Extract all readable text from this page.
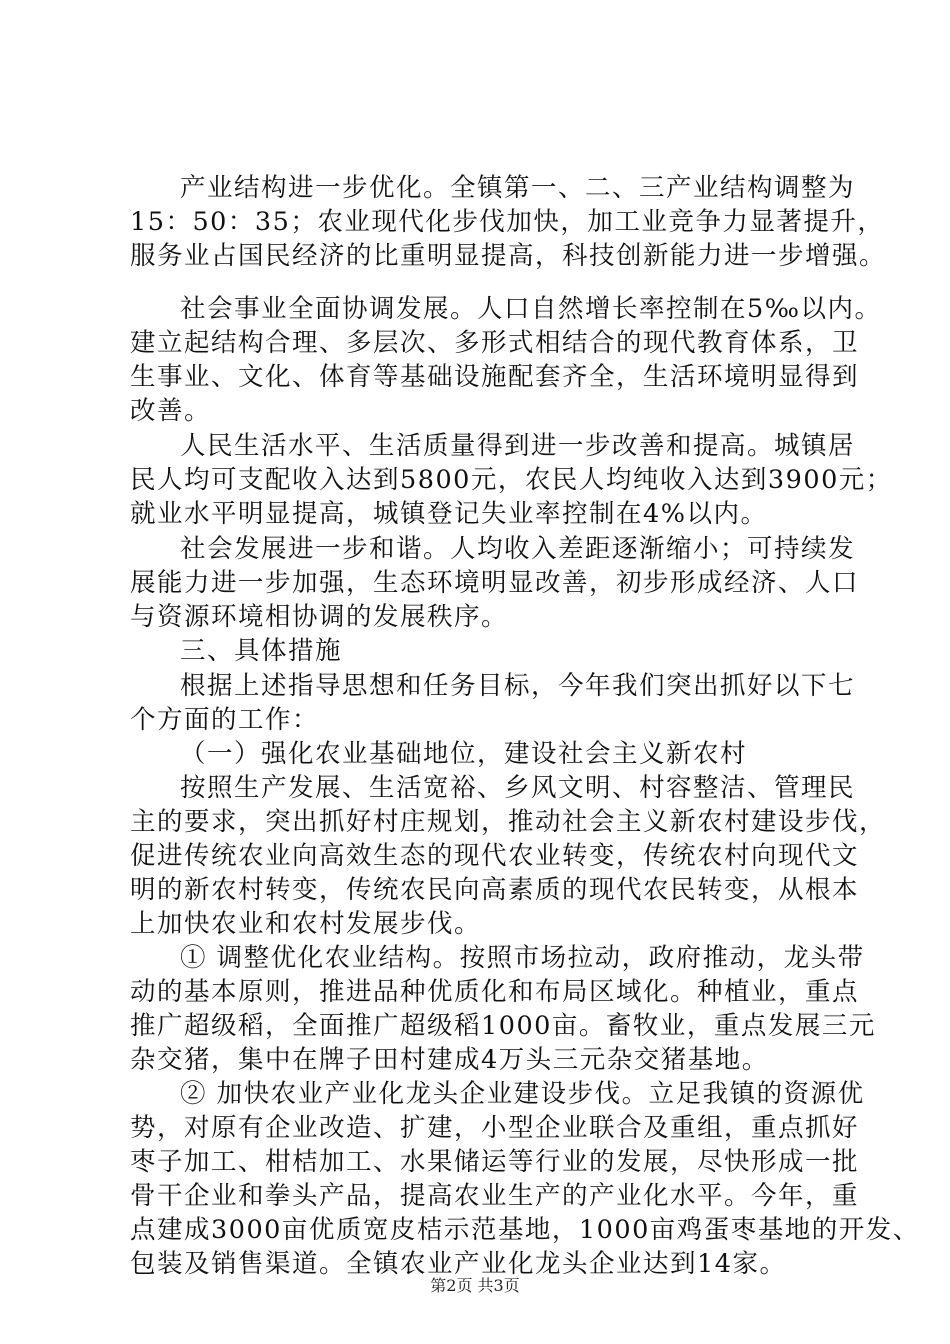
产业结构进一步优化。全镇第一、二、三产业结构调整为
15：50：35；农业现代化步伐加快，加工业竞争力显著提升，
服务业占国民经济的比重明显提高，科技创新能力进一步增强。
社会事业全面协调发展。人口自然增长率控制在5‰以内。
建立起结构合理、多层次、多形式相结合的现代教育体系，卫
生事业、文化、体育等基础设施配套齐全，生活环境明显得到
改善。
人民生活水平、生活质量得到进一步改善和提高。城镇居
民人均可支配收入达到5800元，农民人均纯收入达到3900元；
就业水平明显提高，城镇登记失业率控制在4%以内。
社会发展进一步和谐。人均收入差距逐渐缩小；可持续发
展能力进一步加强，生态环境明显改善，初步形成经济、人口
与资源环境相协调的发展秩序。
三、具体措施
根据上述指导思想和任务目标，今年我们突出抓好以下七
个方面的工作：
（一）强化农业基础地位，建设社会主义新农村
按照生产发展、生活宽裕、乡风文明、村容整洁、管理民
主的要求，突出抓好村庄规划，推动社会主义新农村建设步伐，
促进传统农业向高效生态的现代农业转变，传统农村向现代文
明的新农村转变，传统农民向高素质的现代农民转变，从根本
上加快农业和农村发展步伐。
① 调整优化农业结构。按照市场拉动，政府推动，龙头带
动的基本原则，推进品种优质化和布局区域化。种植业，重点
推广超级稻，全面推广超级稻1000亩。畜牧业，重点发展三元
杂交猪，集中在牌子田村建成4万头三元杂交猪基地。
② 加快农业产业化龙头企业建设步伐。立足我镇的资源优
势，对原有企业改造、扩建，小型企业联合及重组，重点抓好
枣子加工、柑桔加工、水果储运等行业的发展，尽快形成一批
骨干企业和拳头产品，提高农业生产的产业化水平。今年，重
点建成3000亩优质宽皮桔示范基地，1000亩鸡蛋枣基地的开发、
包装及销售渠道。全镇农业产业化龙头企业达到14家。
第2页 共3页
